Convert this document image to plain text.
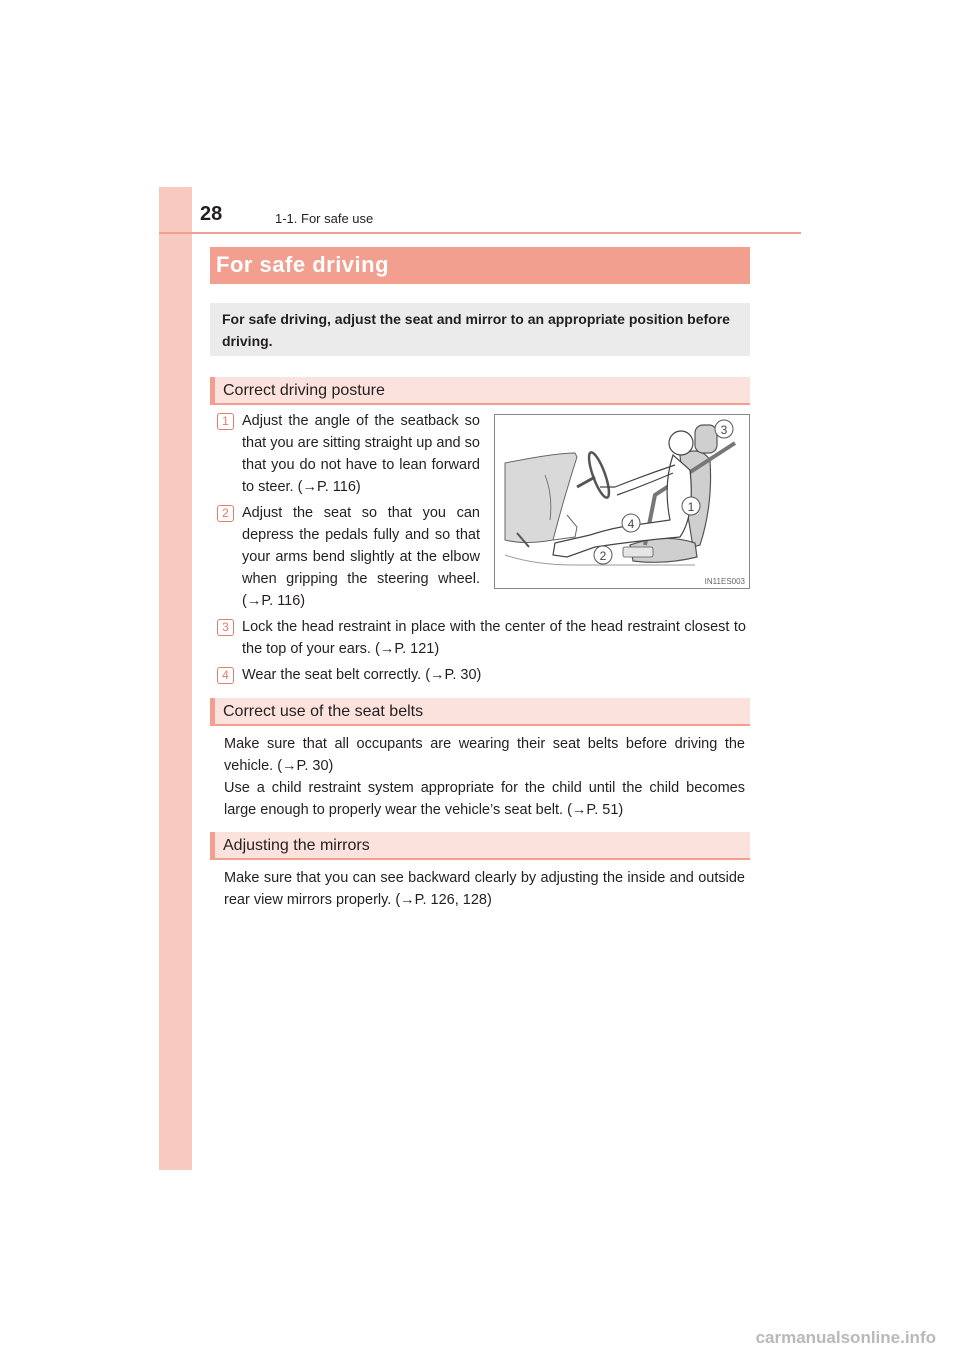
28	1-1. For safe use
For safe driving
For safe driving, adjust the seat and mirror to an appropriate position before driving.
Correct driving posture
1 Adjust the angle of the seatback so that you are sitting straight up and so that you do not have to lean forward to steer. (→P. 116)
2 Adjust the seat so that you can depress the pedals fully and so that your arms bend slightly at the elbow when gripping the steering wheel. (→P. 116)
3 Lock the head restraint in place with the center of the head restraint closest to the top of your ears. (→P. 121)
4 Wear the seat belt correctly. (→P. 30)
1
2
3
4
IN11ES003
Correct use of the seat belts
Make sure that all occupants are wearing their seat belts before driving the vehicle. (→P. 30)
Use a child restraint system appropriate for the child until the child becomes large enough to properly wear the vehicle’s seat belt. (→P. 51)
Adjusting the mirrors
Make sure that you can see backward clearly by adjusting the inside and outside rear view mirrors properly. (→P. 126, 128)
carmanualsonline.info
